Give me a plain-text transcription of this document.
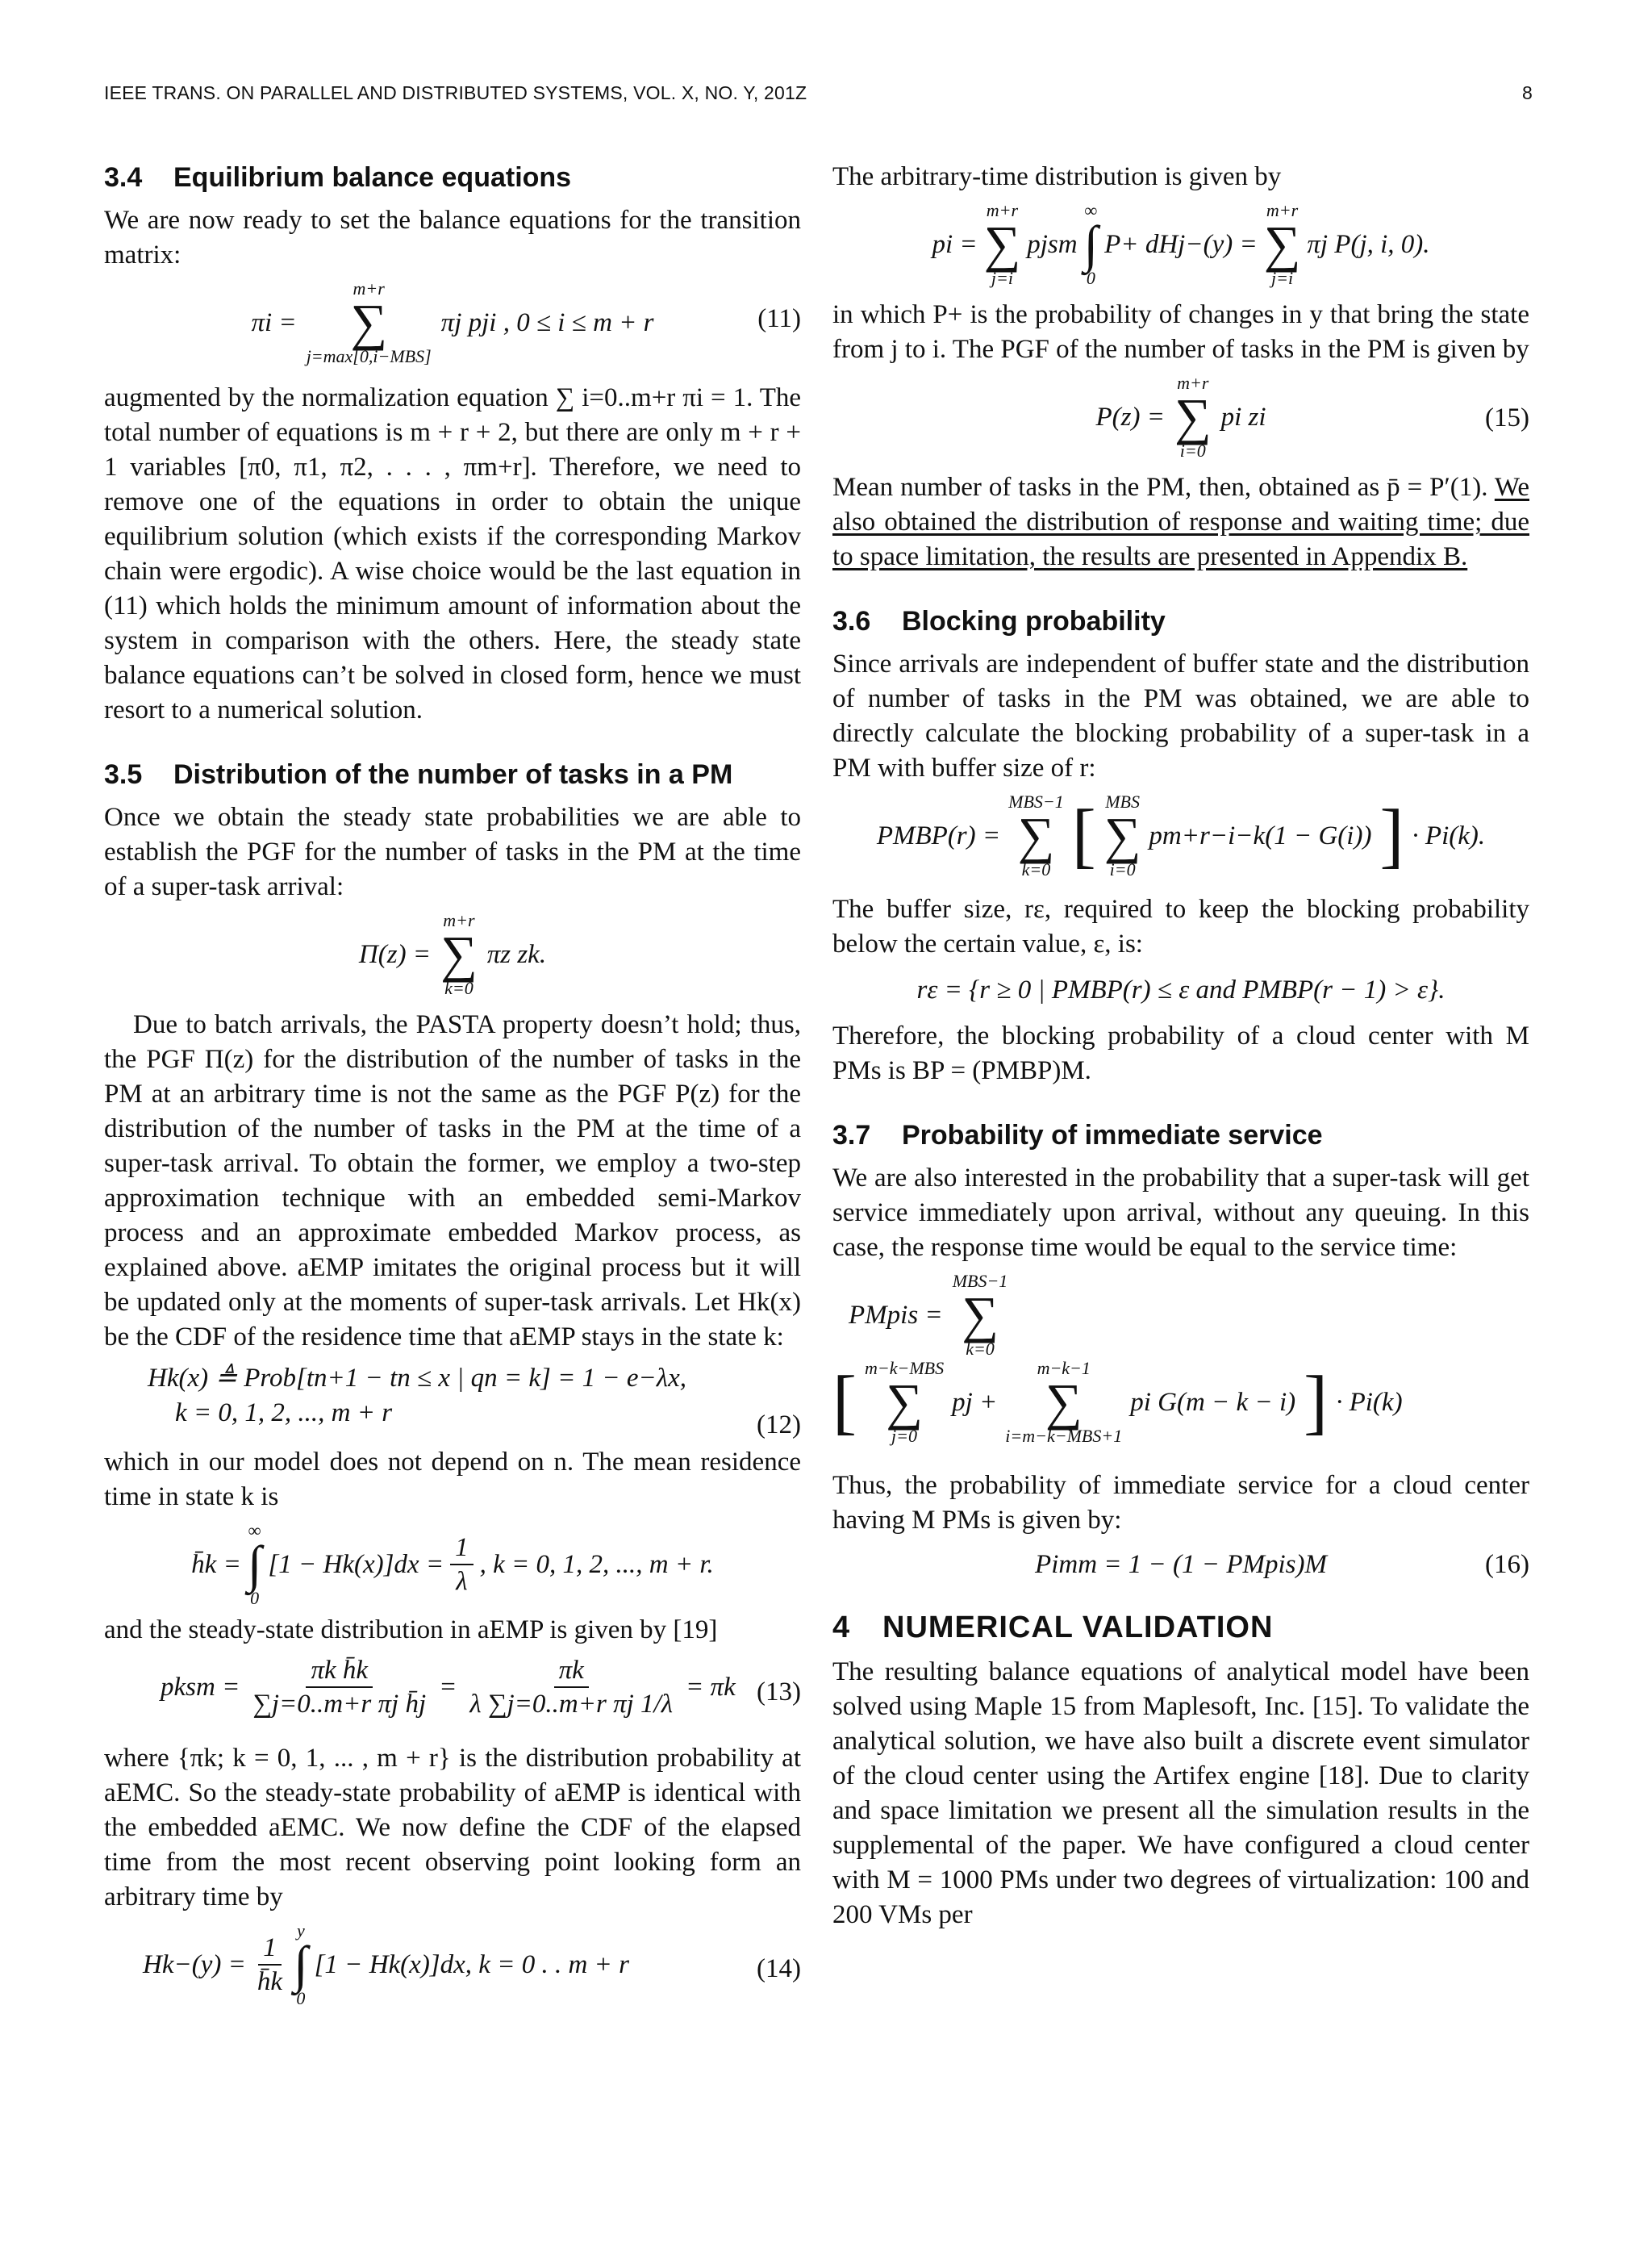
IEEE TRANS. ON PARALLEL AND DISTRIBUTED SYSTEMS, VOL. X, NO. Y, 201Z	8
3.4 Equilibrium balance equations

We are now ready to set the balance equations for the transition matrix:

πi =
m+r
∑
j=max[0,i−MBS]
πj pji , 0 ≤ i ≤ m + r	(11)

augmented by the normalization equation ∑ i=0..m+r πi = 1. The total number of equations is m + r + 2, but there are only m + r + 1 variables [π0, π1, π2, . . . , πm+r]. Therefore, we need to remove one of the equations in order to obtain the unique equilibrium solution (which exists if the corresponding Markov chain were ergodic). A wise choice would be the last equation in (11) which holds the minimum amount of information about the system in comparison with the others. Here, the steady state balance equations can’t be solved in closed form, hence we must resort to a numerical solution.

3.5 Distribution of the number of tasks in a PM

Once we obtain the steady state probabilities we are able to establish the PGF for the number of tasks in the PM at the time of a super-task arrival:

Π(z) =
m+r
∑
k=0
πz zk.

Due to batch arrivals, the PASTA property doesn’t hold; thus, the PGF Π(z) for the distribution of the number of tasks in the PM at an arbitrary time is not the same as the PGF P(z) for the distribution of the number of tasks in the PM at the time of a super-task arrival. To obtain the former, we employ a two-step approximation technique with an embedded semi-Markov process and an approximate embedded Markov process, as explained above. aEMP imitates the original process but it will be updated only at the moments of super-task arrivals. Let Hk(x) be the CDF of the residence time that aEMP stays in the state k:

Hk(x) ≜ Prob[tn+1 − tn ≤ x | qn = k] = 1 − e−λx,
k = 0, 1, 2, ..., m + r	(12)

which in our model does not depend on n. The mean residence time in state k is

h̄k =
∞
∫
0
$[1 - Hk(x)]dx = \frac{1}{\lambda}$ , k = 0, 1, 2, ..., m + r.

and the steady-state distribution in aEMP is given by [19]

pksm = $\frac{\text{πk h̄k}}{\text{∑j=0..m+r πj h̄j}} = \frac{\pi k}{\text{λ ∑j=0..m+r πj 1/λ}} = \pi k$ (13)

where {πk; k = 0, 1, ... , m + r} is the distribution probability at aEMC. So the steady-state probability of aEMP is identical with the embedded aEMC. We now define the CDF of the elapsed time from the most recent observing point looking form an arbitrary time by

$Hk-(y) = \frac{1}{h̄k}$
y
∫
0
[1 − Hk(x)]dx, k = 0 . . m + r	(14)

The arbitrary-time distribution is given by

pi =
m+r
∑
j=i
pjsm
∞
∫
0
P+ dHj−(y) =
m+r
∑
j=i
πj P(j, i, 0).

in which P+ is the probability of changes in y that bring the state from j to i. The PGF of the number of tasks in the PM is given by

P(z) =
m+r
∑
i=0
pi zi	(15)

Mean number of tasks in the PM, then, obtained as p̄ = P′(1). We also obtained the distribution of response and waiting time; due to space limitation, the results are presented in Appendix B.

3.6 Blocking probability

Since arrivals are independent of buffer state and the distribution of number of tasks in the PM was obtained, we are able to directly calculate the blocking probability of a super-task in a PM with buffer size of r:

PMBP(r) =
MBS−1
∑
k=0 [ MBS
∑
i=0
pm+r−i−k(1 − G(i)) ] · Pi(k).

The buffer size, rε, required to keep the blocking probability below the certain value, ε, is:

rε = {r ≥ 0 | PMBP(r) ≤ ε and PMBP(r − 1) > ε}.

Therefore, the blocking probability of a cloud center with M PMs is BP = (PMBP)M.

3.7 Probability of immediate service

We are also interested in the probability that a super-task will get service immediately upon arrival, without any queuing. In this case, the response time would be equal to the service time:

PMpis =
MBS−1
∑
k=0
[ m−k−MBS
∑
j=0
pj +
m−k−1
∑
i=m−k−MBS+1
pi G(m − k − i) ] · Pi(k)

Thus, the probability of immediate service for a cloud center having M PMs is given by:

Pimm = 1 − (1 − PMpis)M	(16)
4 NUMERICAL VALIDATION

The resulting balance equations of analytical model have been solved using Maple 15 from Maplesoft, Inc. [15]. To validate the analytical solution, we have also built a discrete event simulator of the cloud center using the Artifex engine [18]. Due to clarity and space limitation we present all the simulation results in the supplemental of the paper. We have configured a cloud center with M = 1000 PMs under two degrees of virtualization: 100 and 200 VMs per
